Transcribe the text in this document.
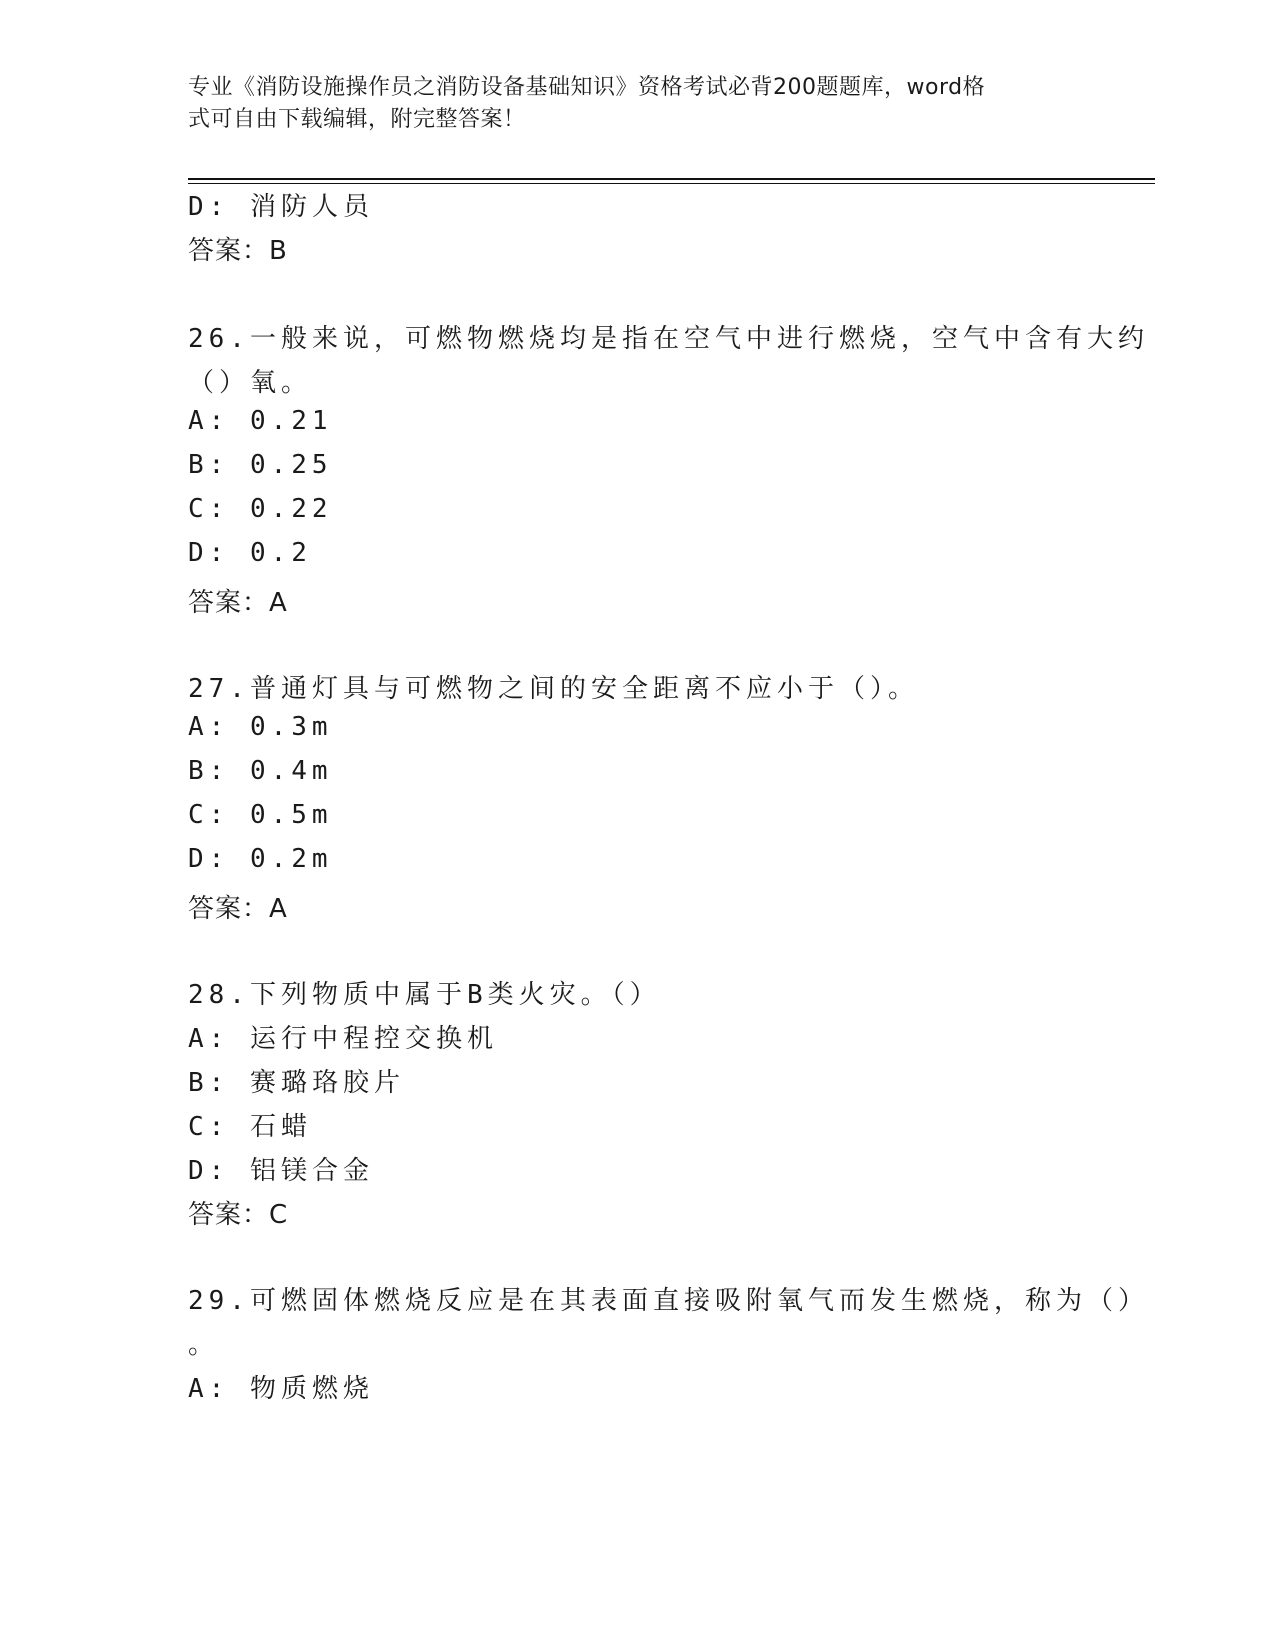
专业《消防设施操作员之消防设备基础知识》资格考试必背200题题库，word格
式可自由下载编辑，附完整答案！
D: 消防人员
答案：B
26.一般来说，可燃物燃烧均是指在空气中进行燃烧，空气中含有大约
（）氧。
A: 0.21
B: 0.25
C: 0.22
D: 0.2
答案：A
27.普通灯具与可燃物之间的安全距离不应小于（）。
A: 0.3m
B: 0.4m
C: 0.5m
D: 0.2m
答案：A
28.下列物质中属于B类火灾。（）
A: 运行中程控交换机
B: 赛璐珞胶片
C: 石蜡
D: 铝镁合金
答案：C
29.可燃固体燃烧反应是在其表面直接吸附氧气而发生燃烧，称为（）
。
A: 物质燃烧
